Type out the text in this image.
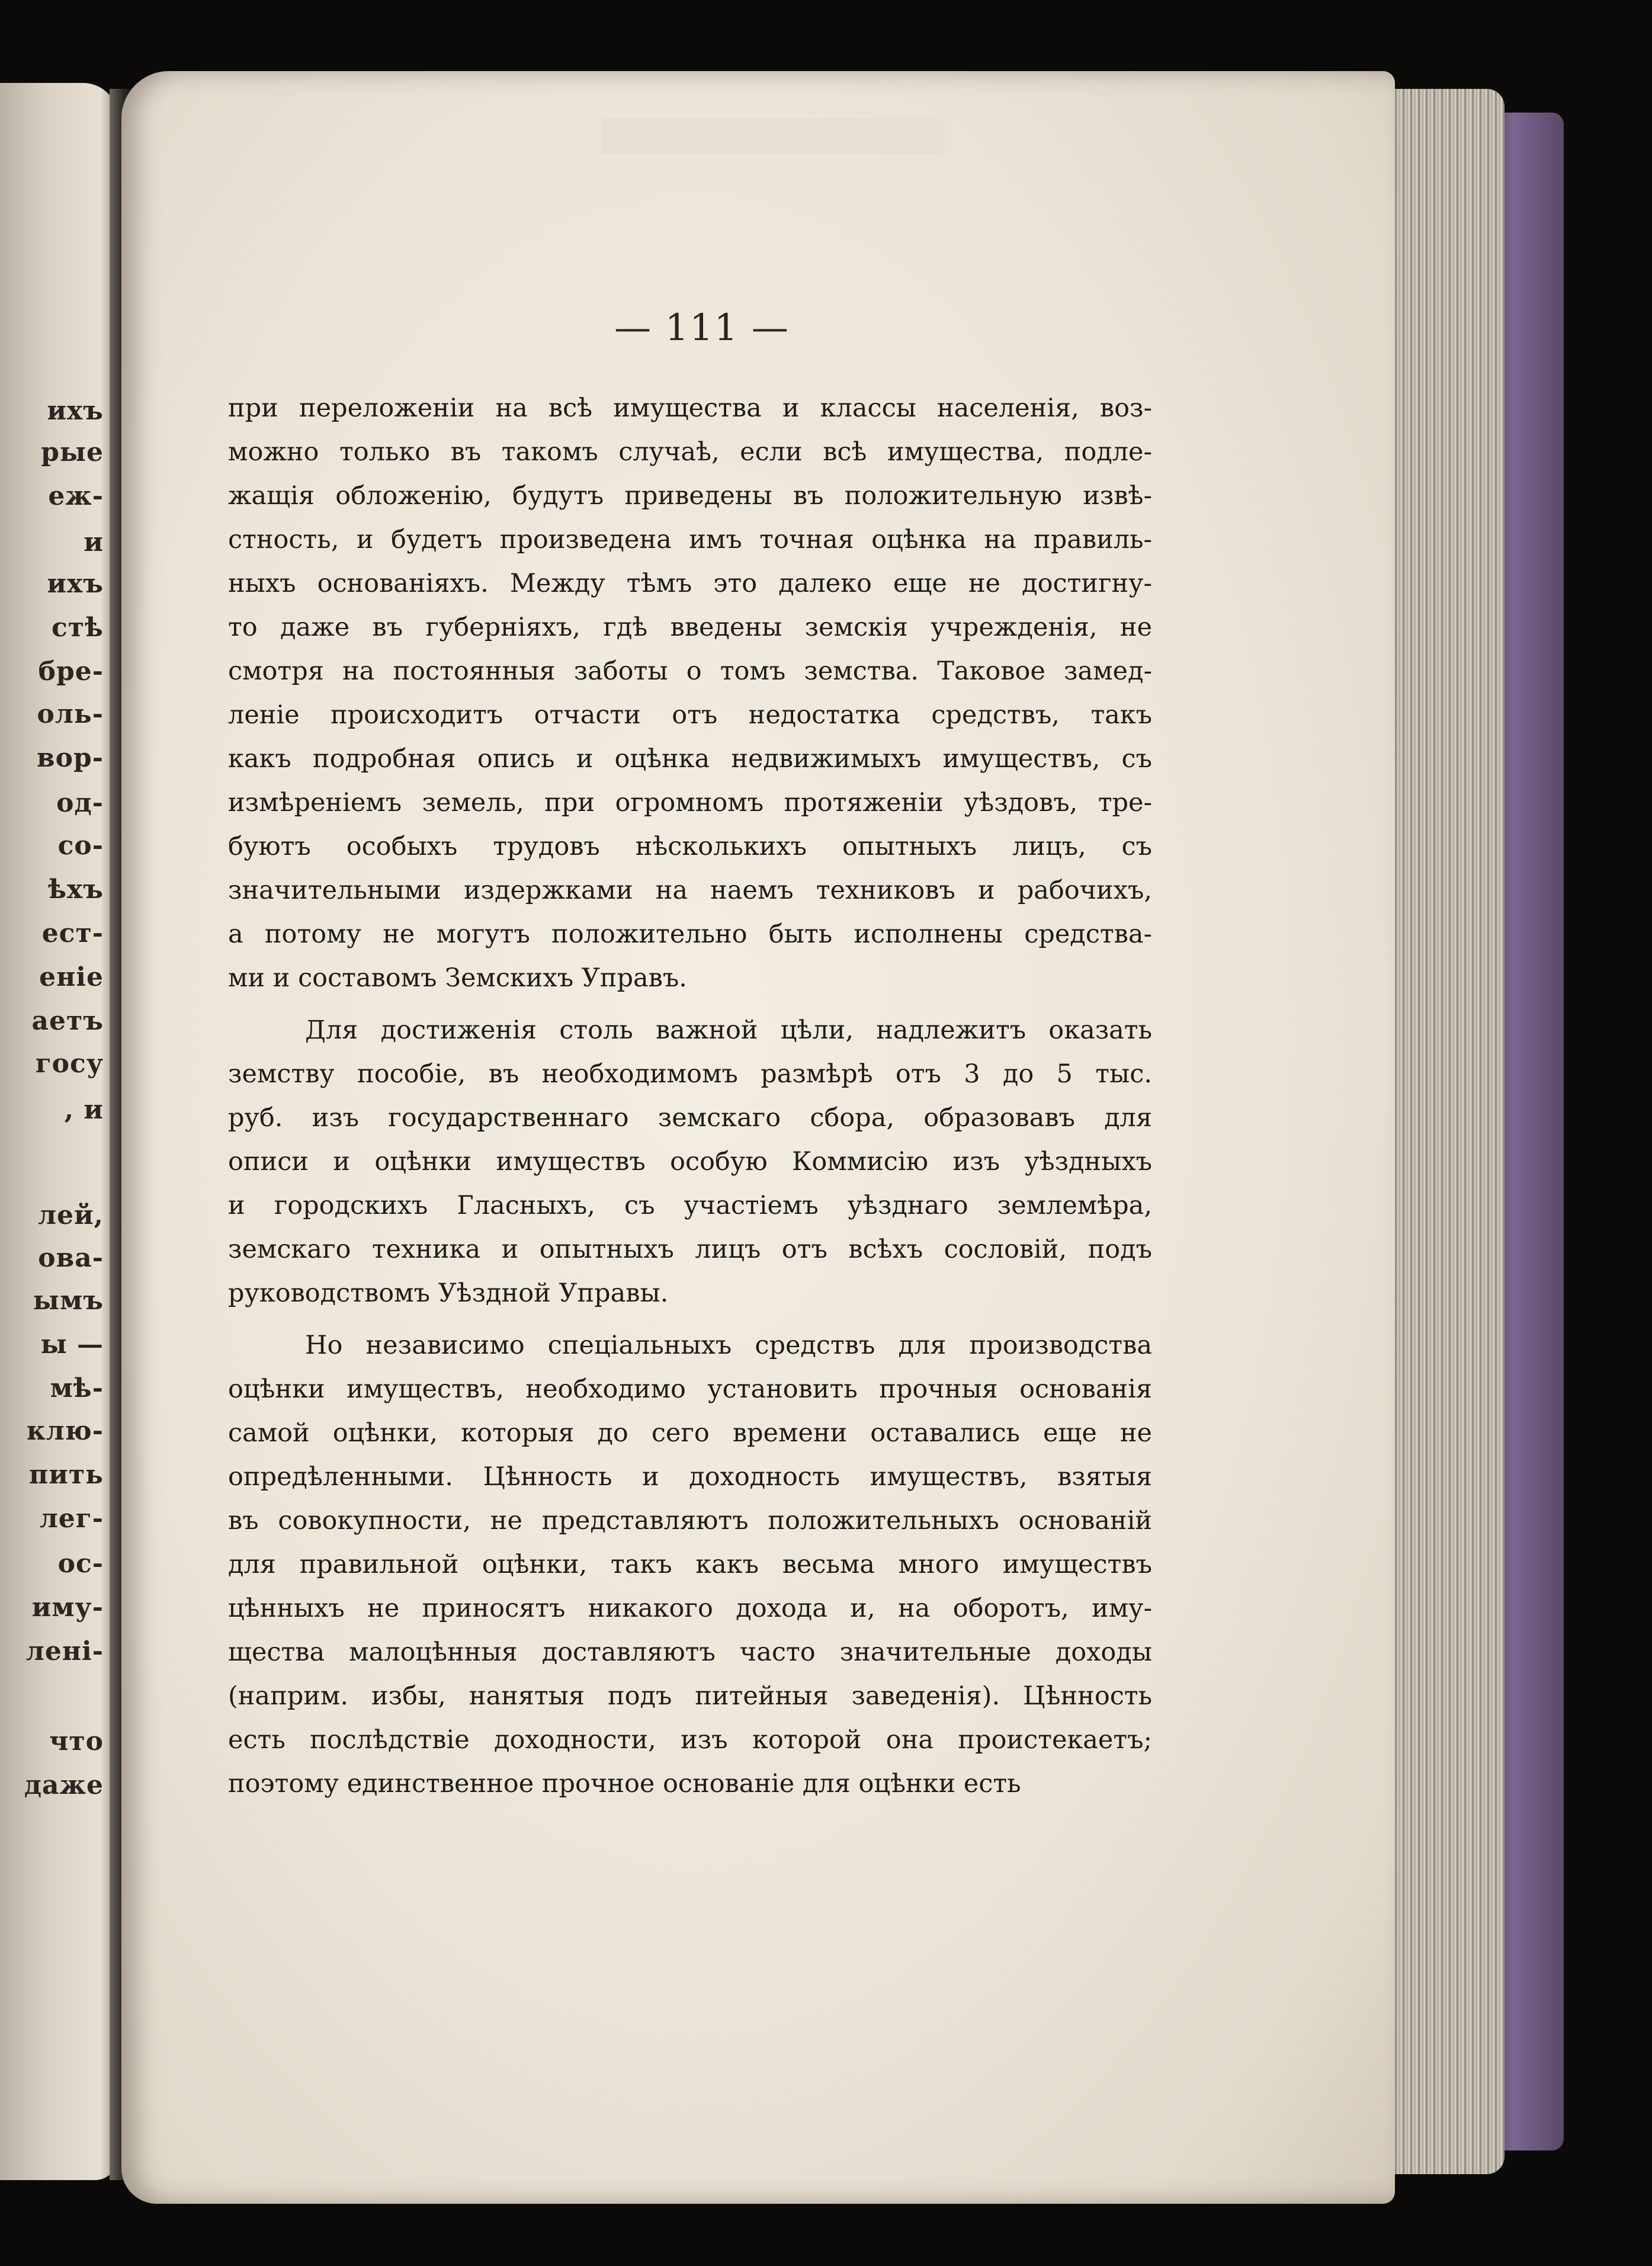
ихъ
рые
еж-
и
ихъ
стѣ
бре-
оль-
вор-
од-
со-
ѣхъ
ест-
еніе
аетъ
госу
, и
лей,
ова-
ымъ
ы —
мѣ-
клю-
пить
лег-
ос-
иму-
лені-
что
даже
— 111 —
при переложеніи на всѣ имущества и классы населенія, воз-
можно только въ такомъ случаѣ, если всѣ имущества, подле-
жащія обложенію, будутъ приведены въ положительную извѣ-
стность, и будетъ произведена имъ точная оцѣнка на правиль-
ныхъ основаніяхъ. Между тѣмъ это далеко еще не достигну-
то даже въ губерніяхъ, гдѣ введены земскія учрежденія, не
смотря на постоянныя заботы о томъ земства. Таковое замед-
леніе происходитъ отчасти отъ недостатка средствъ, такъ
какъ подробная опись и оцѣнка недвижимыхъ имуществъ, съ
измѣреніемъ земель, при огромномъ протяженіи уѣздовъ, тре-
буютъ особыхъ трудовъ нѣсколькихъ опытныхъ лицъ, съ
значительными издержками на наемъ техниковъ и рабочихъ,
а потому не могутъ положительно быть исполнены средства-
ми и составомъ Земскихъ Управъ.
Для достиженія столь важной цѣли, надлежитъ оказать
земству пособіе, въ необходимомъ размѣрѣ отъ 3 до 5 тыс.
руб. изъ государственнаго земскаго сбора, образовавъ для
описи и оцѣнки имуществъ особую Коммисію изъ уѣздныхъ
и городскихъ Гласныхъ, съ участіемъ уѣзднаго землемѣра,
земскаго техника и опытныхъ лицъ отъ всѣхъ сословій, подъ
руководствомъ Уѣздной Управы.
Но независимо спеціальныхъ средствъ для производства
оцѣнки имуществъ, необходимо установить прочныя основанія
самой оцѣнки, которыя до сего времени оставались еще не
опредѣленными. Цѣнность и доходность имуществъ, взятыя
въ совокупности, не представляютъ положительныхъ основаній
для правильной оцѣнки, такъ какъ весьма много имуществъ
цѣнныхъ не приносятъ никакого дохода и, на оборотъ, иму-
щества малоцѣнныя доставляютъ часто значительные доходы
(наприм. избы, нанятыя подъ питейныя заведенія). Цѣнность
есть послѣдствіе доходности, изъ которой она проистекаетъ;
поэтому единственное прочное основаніе для оцѣнки есть
